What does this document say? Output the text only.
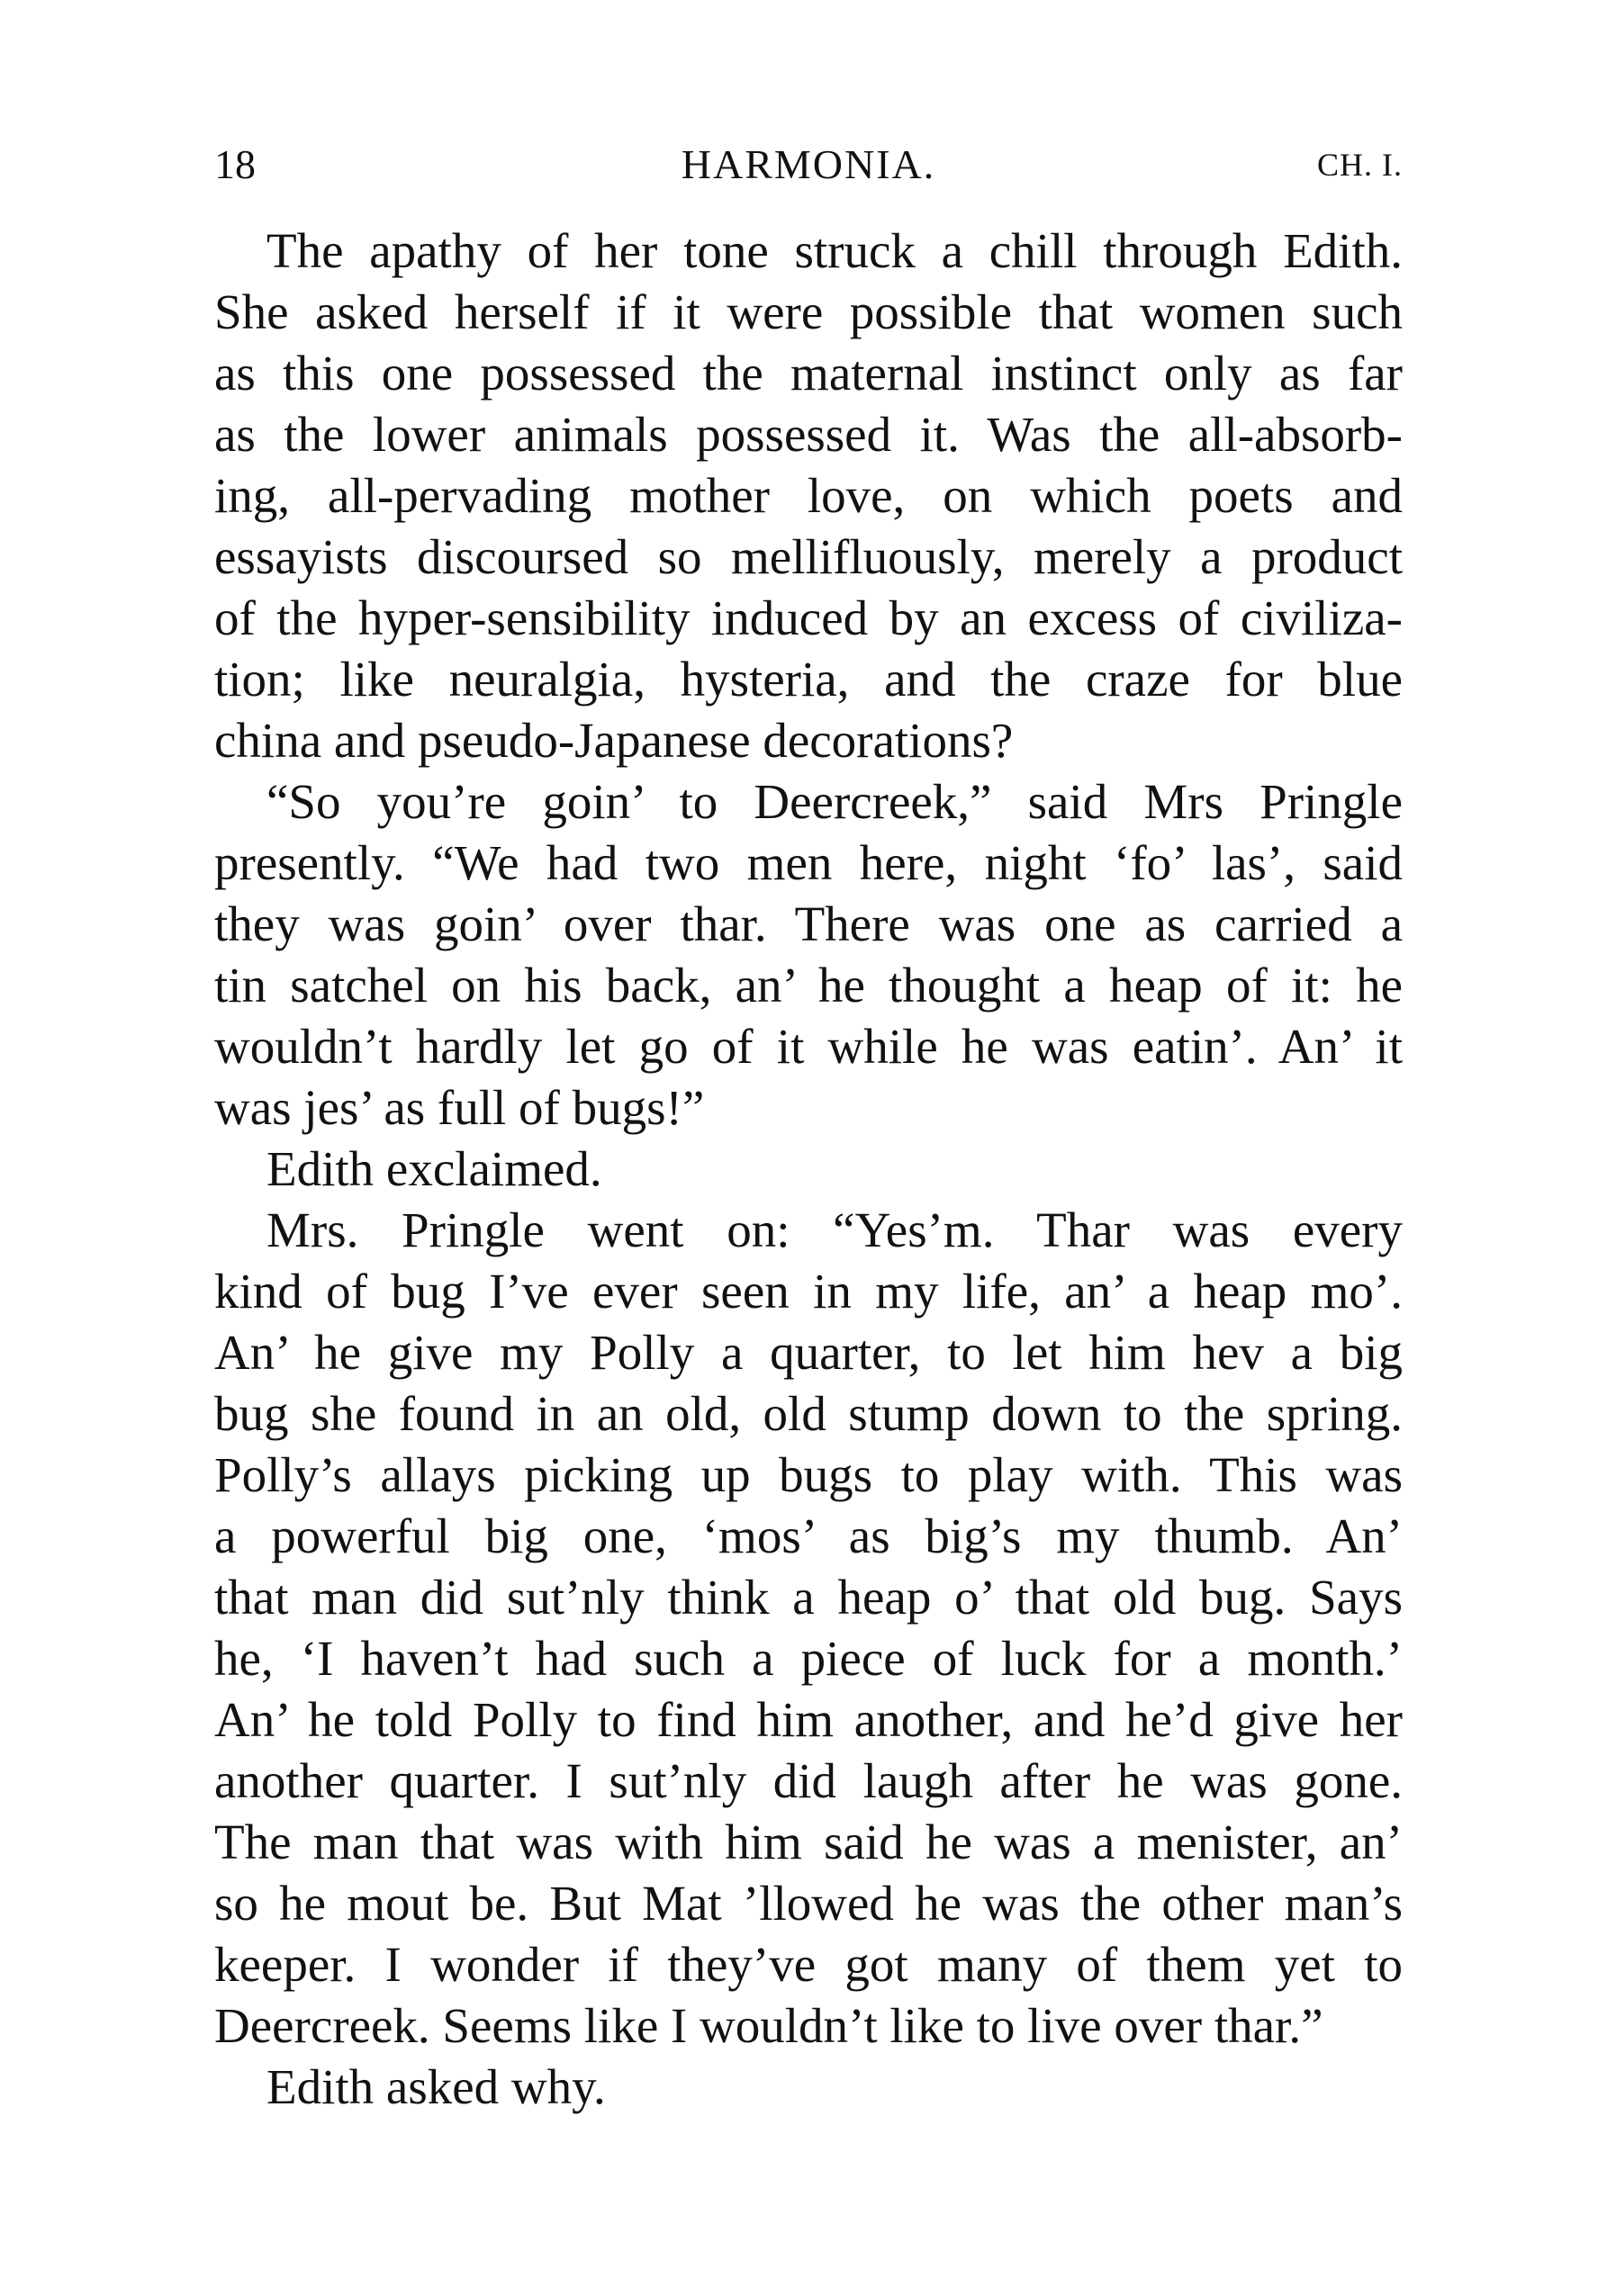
18	HARMONIA.	CH. I.
The apathy of her tone struck a chill through Edith.
She asked herself if it were possible that women such
as this one possessed the maternal instinct only as far
as the lower animals possessed it. Was the all-absorb-
ing, all-pervading mother love, on which poets and
essayists discoursed so mellifluously, merely a product
of the hyper-sensibility induced by an excess of civiliza-
tion; like neuralgia, hysteria, and the craze for blue
china and pseudo-Japanese decorations?
“So you’re goin’ to Deercreek,” said Mrs Pringle
presently. “We had two men here, night ‘fo’ las’, said
they was goin’ over thar. There was one as carried a
tin satchel on his back, an’ he thought a heap of it: he
wouldn’t hardly let go of it while he was eatin’. An’ it
was jes’ as full of bugs!”
Edith exclaimed.
Mrs. Pringle went on: “Yes’m. Thar was every
kind of bug I’ve ever seen in my life, an’ a heap mo’.
An’ he give my Polly a quarter, to let him hev a big
bug she found in an old, old stump down to the spring.
Polly’s allays picking up bugs to play with. This was
a powerful big one, ‘mos’ as big’s my thumb. An’
that man did sut’nly think a heap o’ that old bug. Says
he, ‘I haven’t had such a piece of luck for a month.’
An’ he told Polly to find him another, and he’d give her
another quarter. I sut’nly did laugh after he was gone.
The man that was with him said he was a menister, an’
so he mout be. But Mat ’llowed he was the other man’s
keeper. I wonder if they’ve got many of them yet to
Deercreek. Seems like I wouldn’t like to live over thar.”
Edith asked why.
